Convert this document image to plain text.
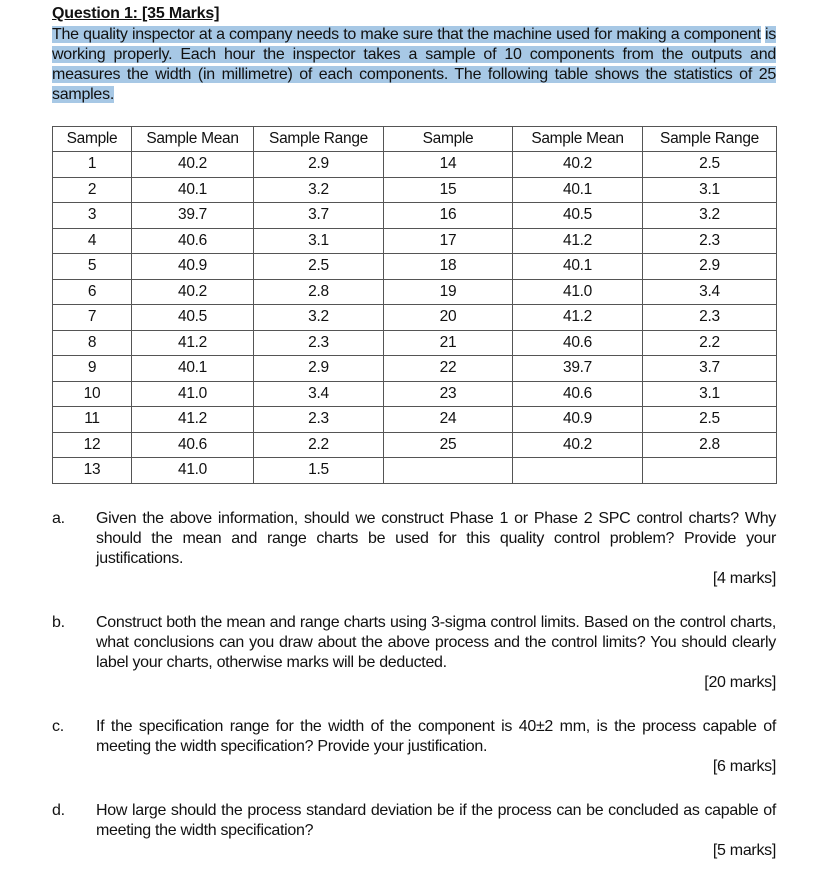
Question 1: [35 Marks]
The quality inspector at a company needs to make sure that the machine used for making a component is working properly. Each hour the inspector takes a sample of 10 components from the outputs and measures the width (in millimetre) of each components. The following table shows the statistics of 25 samples.
Sample	Sample Mean	Sample Range	Sample	Sample Mean	Sample Range
1	40.2	2.9	14	40.2	2.5
2	40.1	3.2	15	40.1	3.1
3	39.7	3.7	16	40.5	3.2
4	40.6	3.1	17	41.2	2.3
5	40.9	2.5	18	40.1	2.9
6	40.2	2.8	19	41.0	3.4
7	40.5	3.2	20	41.2	2.3
8	41.2	2.3	21	40.6	2.2
9	40.1	2.9	22	39.7	3.7
10	41.0	3.4	23	40.6	3.1
11	41.2	2.3	24	40.9	2.5
12	40.6	2.2	25	40.2	2.8
13	41.0	1.5			
a. Given the above information, should we construct Phase 1 or Phase 2 SPC control charts? Why should the mean and range charts be used for this quality control problem? Provide your justifications.
[4 marks]
b. Construct both the mean and range charts using 3-sigma control limits. Based on the control charts, what conclusions can you draw about the above process and the control limits? You should clearly label your charts, otherwise marks will be deducted.
[20 marks]
c. If the specification range for the width of the component is 40±2 mm, is the process capable of meeting the width specification? Provide your justification.
[6 marks]
d. How large should the process standard deviation be if the process can be concluded as capable of meeting the width specification?
[5 marks]
